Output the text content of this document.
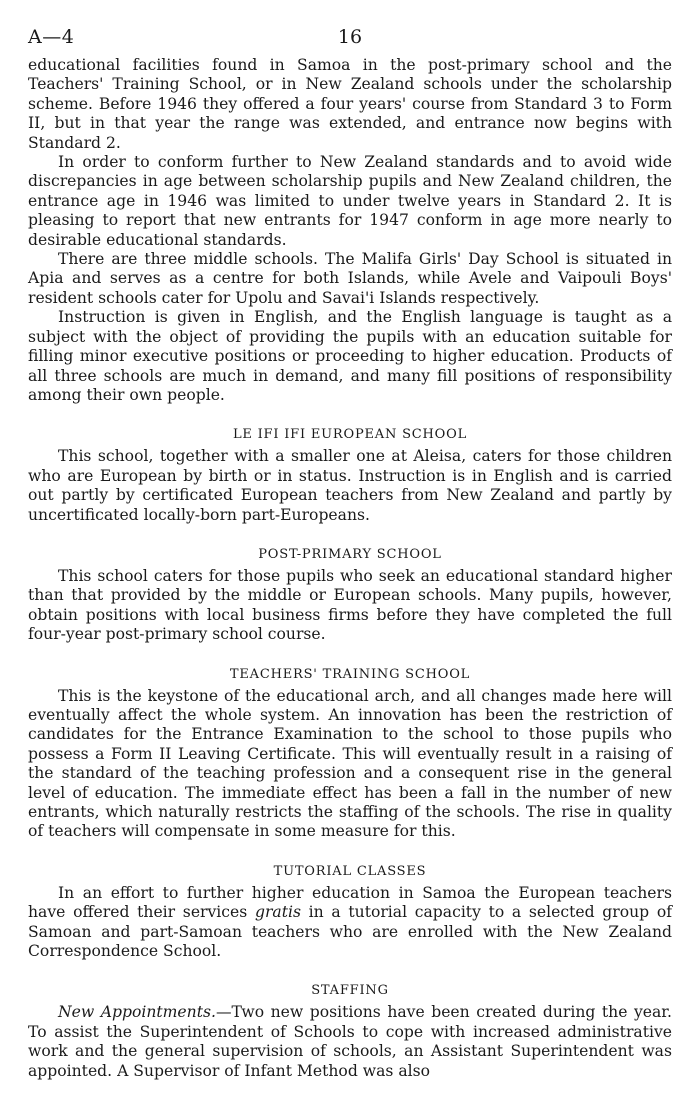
A—4	16

educational facilities found in Samoa in the post-primary school and the Teachers' Training School, or in New Zealand schools under the scholarship scheme. Before 1946 they offered a four years' course from Standard 3 to Form II, but in that year the range was extended, and entrance now begins with Standard 2.

In order to conform further to New Zealand standards and to avoid wide discrepancies in age between scholarship pupils and New Zealand children, the entrance age in 1946 was limited to under twelve years in Standard 2. It is pleasing to report that new entrants for 1947 conform in age more nearly to desirable educational standards.

There are three middle schools. The Malifa Girls' Day School is situated in Apia and serves as a centre for both Islands, while Avele and Vaipouli Boys' resident schools cater for Upolu and Savai'i Islands respectively.

Instruction is given in English, and the English language is taught as a subject with the object of providing the pupils with an education suitable for filling minor executive positions or proceeding to higher education. Products of all three schools are much in demand, and many fill positions of responsibility among their own people.

LE IFI IFI EUROPEAN SCHOOL

This school, together with a smaller one at Aleisa, caters for those children who are European by birth or in status. Instruction is in English and is carried out partly by certificated European teachers from New Zealand and partly by uncertificated locally-born part-Europeans.

POST-PRIMARY SCHOOL

This school caters for those pupils who seek an educational standard higher than that provided by the middle or European schools. Many pupils, however, obtain positions with local business firms before they have completed the full four-year post-primary school course.

TEACHERS' TRAINING SCHOOL

This is the keystone of the educational arch, and all changes made here will eventually affect the whole system. An innovation has been the restriction of candidates for the Entrance Examination to the school to those pupils who possess a Form II Leaving Certificate. This will eventually result in a raising of the standard of the teaching profession and a consequent rise in the general level of education. The immediate effect has been a fall in the number of new entrants, which naturally restricts the staffing of the schools. The rise in quality of teachers will compensate in some measure for this.

TUTORIAL CLASSES

In an effort to further higher education in Samoa the European teachers have offered their services gratis in a tutorial capacity to a selected group of Samoan and part-Samoan teachers who are enrolled with the New Zealand Correspondence School.

STAFFING

New Appointments.—Two new positions have been created during the year. To assist the Superintendent of Schools to cope with increased administrative work and the general supervision of schools, an Assistant Superintendent was appointed. A Supervisor of Infant Method was also
